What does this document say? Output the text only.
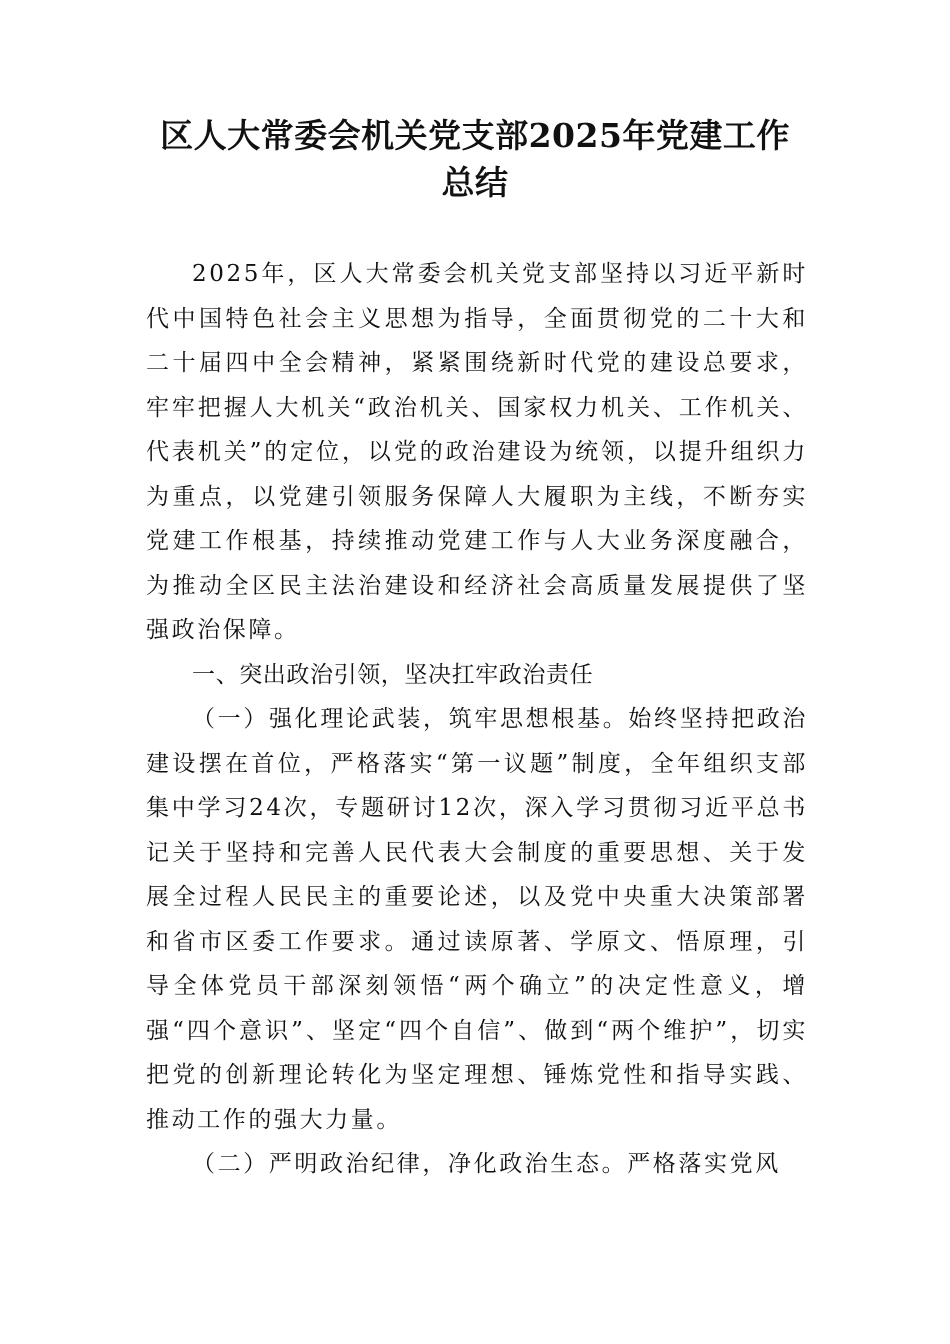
区人大常委会机关党支部2025年党建工作
总结

2025年，区人大常委会机关党支部坚持以习近平新时代中国特色社会主义思想为指导，全面贯彻党的二十大和二十届四中全会精神，紧紧围绕新时代党的建设总要求，牢牢把握人大机关“政治机关、国家权力机关、工作机关、代表机关”的定位，以党的政治建设为统领，以提升组织力为重点，以党建引领服务保障人大履职为主线，不断夯实党建工作根基，持续推动党建工作与人大业务深度融合，为推动全区民主法治建设和经济社会高质量发展提供了坚强政治保障。

一、突出政治引领，坚决扛牢政治责任

（一）强化理论武装，筑牢思想根基。始终坚持把政治建设摆在首位，严格落实“第一议题”制度，全年组织支部集中学习24次，专题研讨12次，深入学习贯彻习近平总书记关于坚持和完善人民代表大会制度的重要思想、关于发展全过程人民民主的重要论述，以及党中央重大决策部署和省市区委工作要求。通过读原著、学原文、悟原理，引导全体党员干部深刻领悟“两个确立”的决定性意义，增强“四个意识”、坚定“四个自信”、做到“两个维护”，切实把党的创新理论转化为坚定理想、锤炼党性和指导实践、推动工作的强大力量。

（二）严明政治纪律，净化政治生态。严格落实党风
